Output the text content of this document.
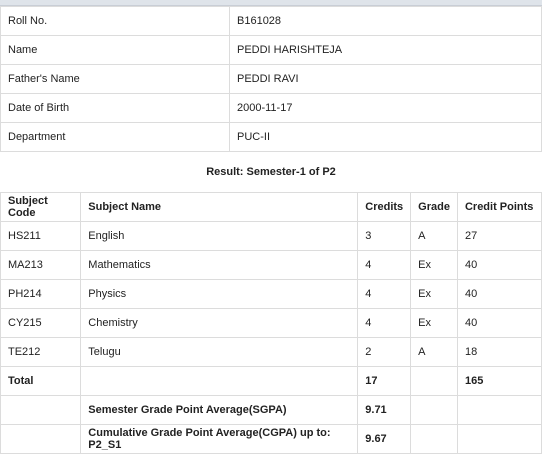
Roll No.	B161028
Name	PEDDI HARISHTEJA
Father's Name	PEDDI RAVI
Date of Birth	2000-11-17
Department	PUC-II
Result: Semester-1 of P2
Subject Code	Subject Name	Credits	Grade	Credit Points
HS211	English	3	A	27
MA213	Mathematics	4	Ex	40
PH214	Physics	4	Ex	40
CY215	Chemistry	4	Ex	40
TE212	Telugu	2	A	18
Total		17		165
	Semester Grade Point Average(SGPA)	9.71		
	Cumulative Grade Point Average(CGPA) up to: P2_S1	9.67		
